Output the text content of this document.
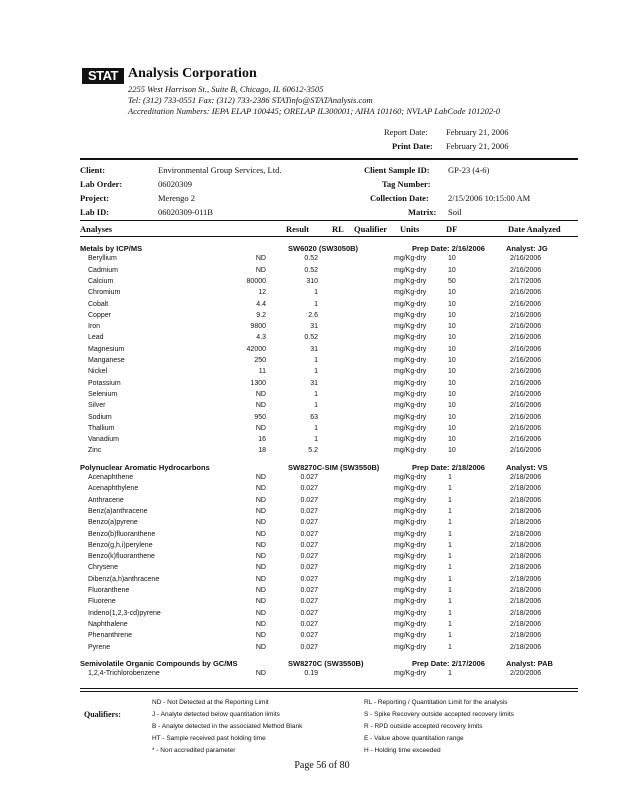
STAT Analysis Corporation
2255 West Harrison St., Suite B, Chicago, IL 60612-3505
Tel: (312) 733-0551 Fax: (312) 733-2386 STATinfo@STATAnalysis.com
Accreditation Numbers: IEPA ELAP 100445; ORELAP IL300001; AIHA 101160; NVLAP LabCode 101202-0
Report Date: February 21, 2006
Print Date: February 21, 2006
Client:	Environmental Group Services, Ltd.	Client Sample ID: GP-23 (4-6)
Lab Order:	06020309	Tag Number:
Project:	Merengo 2	Collection Date: 2/15/2006 10:15:00 AM
Lab ID:	06020309-011B	Matrix: Soil
Analyses	Result	RL Qualifier Units	DF	Date Analyzed
Metals by ICP/MS	SW6020 (SW3050B)	Prep Date: 2/16/2006	Analyst: JG
Beryllium	ND	0.52	mg/Kg-dry	10	2/16/2006
Cadmium	ND	0.52	mg/Kg-dry	10	2/16/2006
Calcium	80000	310	mg/Kg-dry	50	2/17/2006
Chromium	12	1	mg/Kg-dry	10	2/16/2006
Cobalt	4.4	1	mg/Kg-dry	10	2/16/2006
Copper	9.2	2.6	mg/Kg-dry	10	2/16/2006
Iron	9800	31	mg/Kg-dry	10	2/16/2006
Lead	4.3	0.52	mg/Kg-dry	10	2/16/2006
Magnesium	42000	31	mg/Kg-dry	10	2/16/2006
Manganese	250	1	mg/Kg-dry	10	2/16/2006
Nickel	11	1	mg/Kg-dry	10	2/16/2006
Potassium	1300	31	mg/Kg-dry	10	2/16/2006
Selenium	ND	1	mg/Kg-dry	10	2/16/2006
Silver	ND	1	mg/Kg-dry	10	2/16/2006
Sodium	950	63	mg/Kg-dry	10	2/16/2006
Thallium	ND	1	mg/Kg-dry	10	2/16/2006
Vanadium	16	1	mg/Kg-dry	10	2/16/2006
Zinc	18	5.2	mg/Kg-dry	10	2/16/2006
Polynuclear Aromatic Hydrocarbons	SW8270C-SIM (SW3550B)	Prep Date: 2/18/2006	Analyst: VS
Acenaphthene	ND	0.027	mg/Kg-dry	1	2/18/2006
Acenaphthylene	ND	0.027	mg/Kg-dry	1	2/18/2006
Anthracene	ND	0.027	mg/Kg-dry	1	2/18/2006
Benz(a)anthracene	ND	0.027	mg/Kg-dry	1	2/18/2006
Benzo(a)pyrene	ND	0.027	mg/Kg-dry	1	2/18/2006
Benzo(b)fluoranthene	ND	0.027	mg/Kg-dry	1	2/18/2006
Benzo(g,h,i)perylene	ND	0.027	mg/Kg-dry	1	2/18/2006
Benzo(k)fluoranthene	ND	0.027	mg/Kg-dry	1	2/18/2006
Chrysene	ND	0.027	mg/Kg-dry	1	2/18/2006
Dibenz(a,h)anthracene	ND	0.027	mg/Kg-dry	1	2/18/2006
Fluoranthene	ND	0.027	mg/Kg-dry	1	2/18/2006
Fluorene	ND	0.027	mg/Kg-dry	1	2/18/2006
Indeno(1,2,3-cd)pyrene	ND	0.027	mg/Kg-dry	1	2/18/2006
Naphthalene	ND	0.027	mg/Kg-dry	1	2/18/2006
Phenanthrene	ND	0.027	mg/Kg-dry	1	2/18/2006
Pyrene	ND	0.027	mg/Kg-dry	1	2/18/2006
Semivolatile Organic Compounds by GC/MS	SW8270C (SW3550B)	Prep Date: 2/17/2006	Analyst: PAB
1,2,4-Trichlorobenzene	ND	0.19	mg/Kg-dry	1	2/20/2006
Qualifiers:
ND - Not Detected at the Reporting Limit
J - Analyte detected below quantitation limits
B - Analyte detected in the associated Method Blank
HT - Sample received past holding time
* - Non accredited parameter
RL - Reporting / Quantitation Limit for the analysis
S - Spike Recovery outside accepted recovery limits
R - RPD outside accepted recovery limits
E - Value above quantitation range
H - Holding time exceeded
Page 56 of 80
